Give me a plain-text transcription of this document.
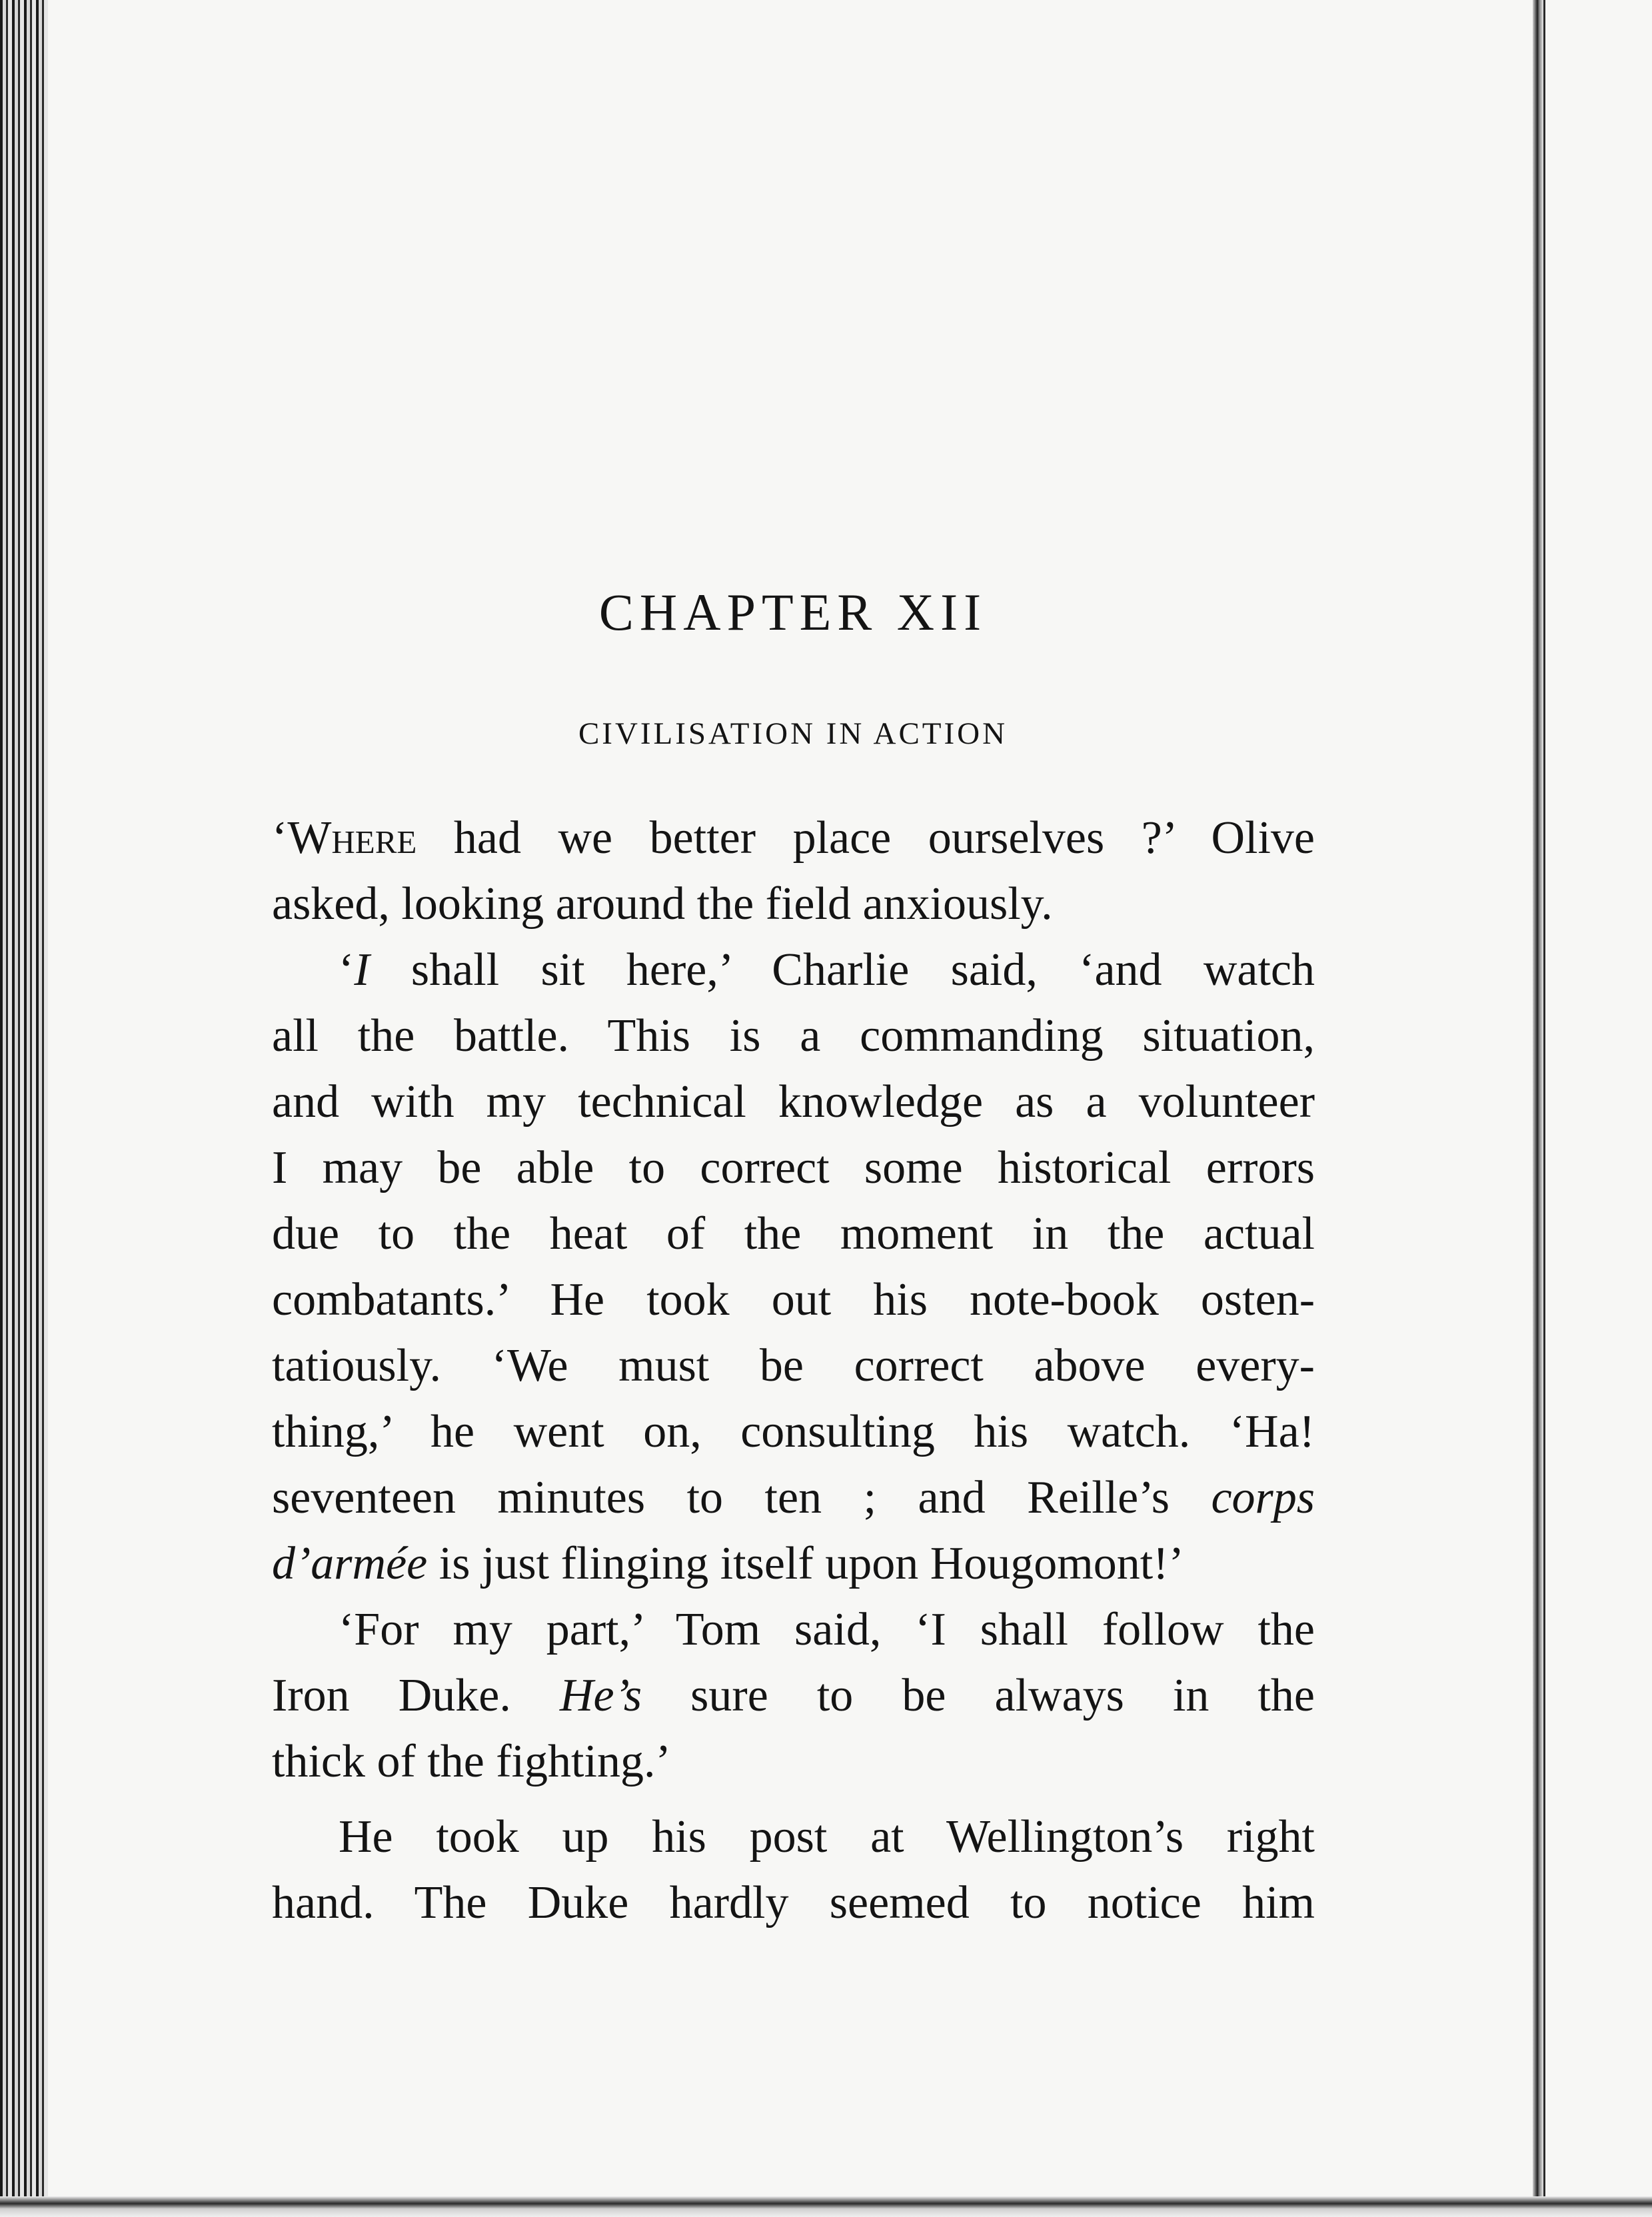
CHAPTER XII
CIVILISATION IN ACTION
‘Where had we better place ourselves ?’ Olive
asked, looking around the field anxiously.
‘I shall sit here,’ Charlie said, ‘and watch
all the battle. This is a commanding situation,
and with my technical knowledge as a volunteer
I may be able to correct some historical errors
due to the heat of the moment in the actual
combatants.’ He took out his note-book osten-
tatiously. ‘We must be correct above every-
thing,’ he went on, consulting his watch. ‘Ha!
seventeen minutes to ten ; and Reille’s corps
d’armée is just flinging itself upon Hougomont!’
‘For my part,’ Tom said, ‘I shall follow the
Iron Duke. He’s sure to be always in the
thick of the fighting.’
He took up his post at Wellington’s right
hand. The Duke hardly seemed to notice him
